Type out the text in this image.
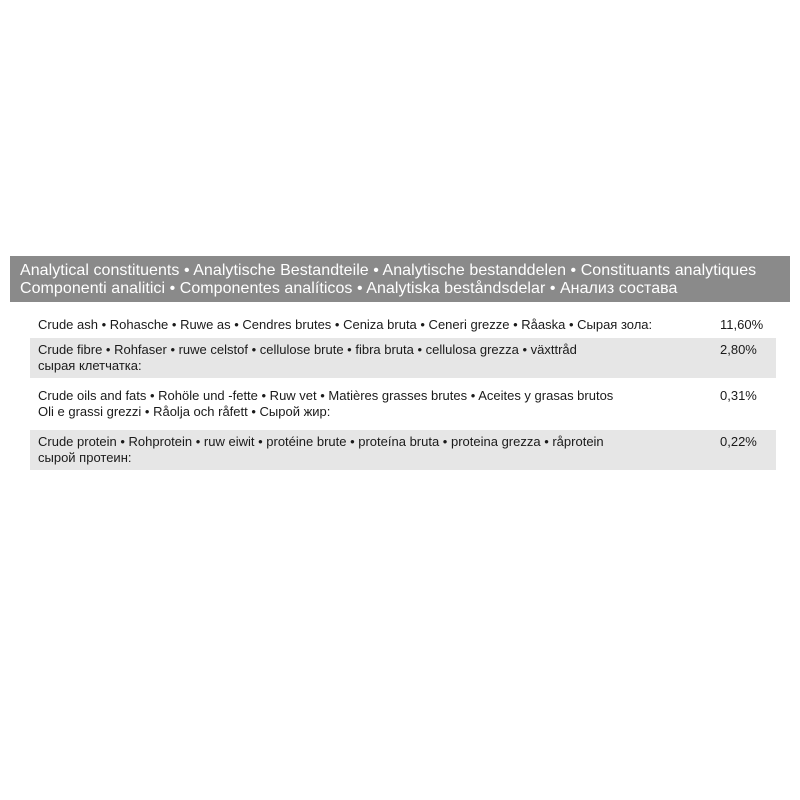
Analytical constituents • Analytische Bestandteile • Analytische bestanddelen • Constituants analytiques
Componenti analitici • Componentes analíticos • Analytiska beståndsdelar • Анализ состава
Crude ash • Rohasche • Ruwe as • Cendres brutes • Ceniza bruta • Ceneri grezze • Råaska • Сырая зола:	11,60%
Crude fibre • Rohfaser • ruwe celstof • cellulose brute • fibra bruta • cellulosa grezza • växttråd
сырая клетчатка:
2,80%
Crude oils and fats • Rohöle und -fette • Ruw vet • Matières grasses brutes • Aceites y grasas brutos
Oli e grassi grezzi • Råolja och råfett • Сырой жир:
0,31%
Crude protein • Rohprotein • ruw eiwit • protéine brute • proteína bruta • proteina grezza • råprotein
сырой протеин:
0,22%
